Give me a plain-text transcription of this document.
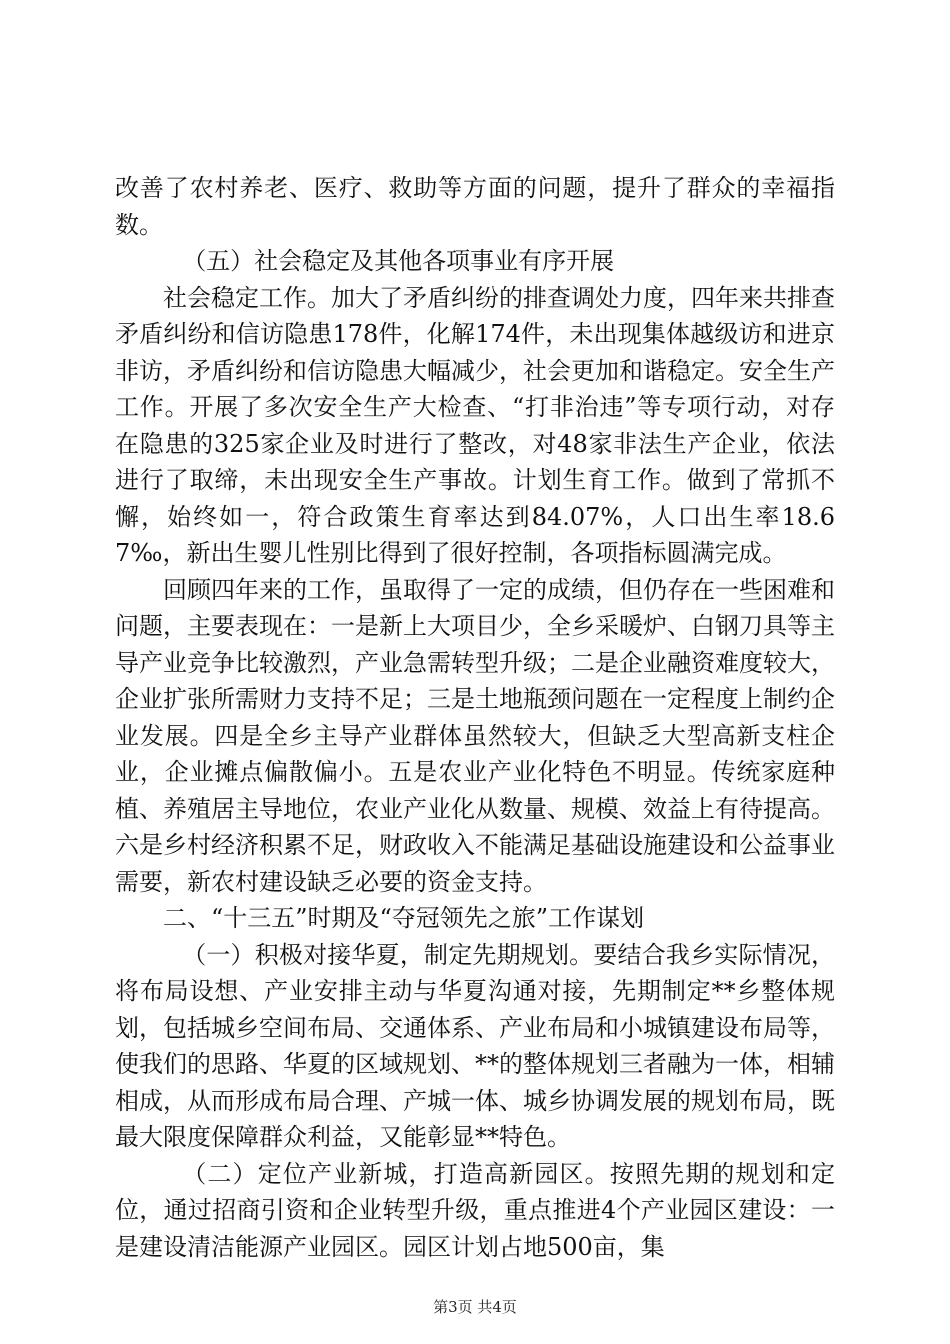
改善了农村养老、医疗、救助等方面的问题，提升了群众的幸福指数。

（五）社会稳定及其他各项事业有序开展

社会稳定工作。加大了矛盾纠纷的排查调处力度，四年来共排查矛盾纠纷和信访隐患178件，化解174件，未出现集体越级访和进京非访，矛盾纠纷和信访隐患大幅减少，社会更加和谐稳定。安全生产工作。开展了多次安全生产大检查、“打非治违”等专项行动，对存在隐患的325家企业及时进行了整改，对48家非法生产企业，依法进行了取缔，未出现安全生产事故。计划生育工作。做到了常抓不懈，始终如一，符合政策生育率达到84.07%，人口出生率18.67‰，新出生婴儿性别比得到了很好控制，各项指标圆满完成。

回顾四年来的工作，虽取得了一定的成绩，但仍存在一些困难和问题，主要表现在：一是新上大项目少，全乡采暖炉、白钢刀具等主导产业竞争比较激烈，产业急需转型升级；二是企业融资难度较大，企业扩张所需财力支持不足；三是土地瓶颈问题在一定程度上制约企业发展。四是全乡主导产业群体虽然较大，但缺乏大型高新支柱企业，企业摊点偏散偏小。五是农业产业化特色不明显。传统家庭种植、养殖居主导地位，农业产业化从数量、规模、效益上有待提高。六是乡村经济积累不足，财政收入不能满足基础设施建设和公益事业需要，新农村建设缺乏必要的资金支持。

二、“十三五”时期及“夺冠领先之旅”工作谋划

（一）积极对接华夏，制定先期规划。要结合我乡实际情况，将布局设想、产业安排主动与华夏沟通对接，先期制定**乡整体规划，包括城乡空间布局、交通体系、产业布局和小城镇建设布局等，使我们的思路、华夏的区域规划、**的整体规划三者融为一体，相辅相成，从而形成布局合理、产城一体、城乡协调发展的规划布局，既最大限度保障群众利益，又能彰显**特色。

（二）定位产业新城，打造高新园区。按照先期的规划和定位，通过招商引资和企业转型升级，重点推进4个产业园区建设：一是建设清洁能源产业园区。园区计划占地500亩，集

第3页 共4页
